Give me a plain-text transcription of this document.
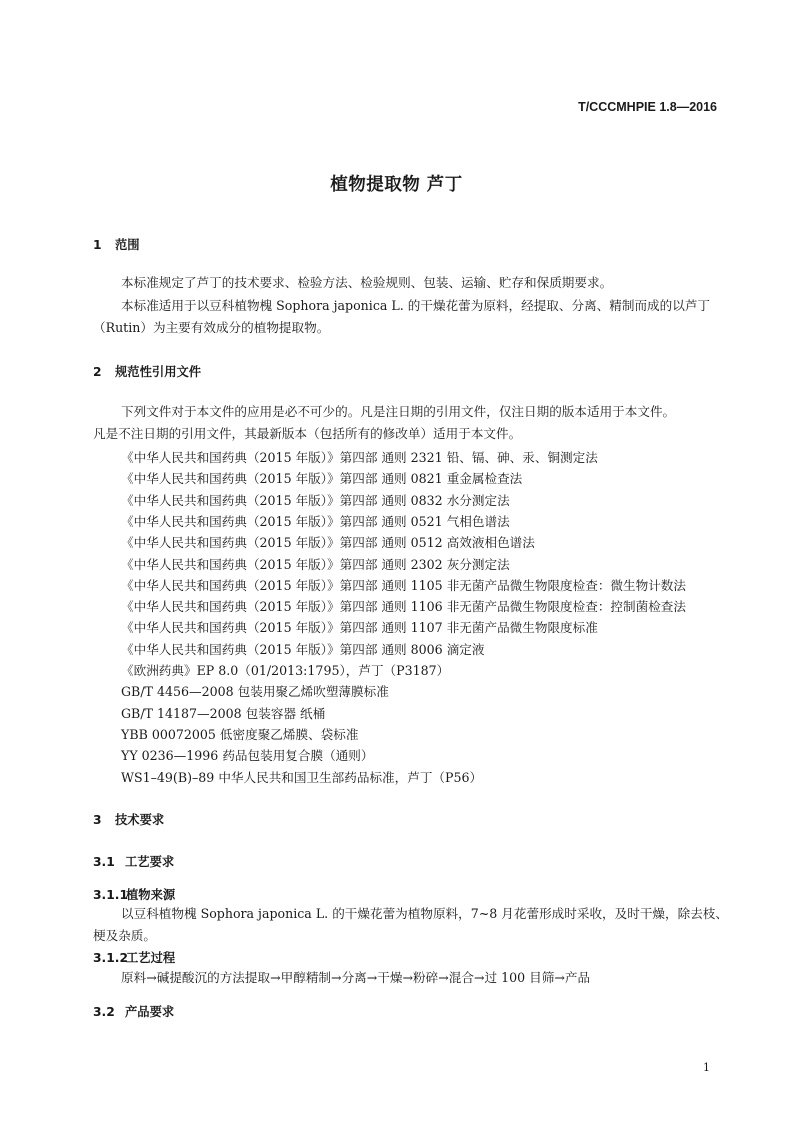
T/CCCMHPIE 1.8—2016
植物提取物 芦丁
1 范围
本标准规定了芦丁的技术要求、检验方法、检验规则、包装、运输、贮存和保质期要求。
本标准适用于以豆科植物槐 Sophora japonica L. 的干燥花蕾为原料，经提取、分离、精制而成的以芦丁
（Rutin）为主要有效成分的植物提取物。
2 规范性引用文件
下列文件对于本文件的应用是必不可少的。凡是注日期的引用文件，仅注日期的版本适用于本文件。
凡是不注日期的引用文件，其最新版本（包括所有的修改单）适用于本文件。
《中华人民共和国药典（2015 年版）》第四部 通则 2321 铅、镉、砷、汞、铜测定法
《中华人民共和国药典（2015 年版）》第四部 通则 0821 重金属检查法
《中华人民共和国药典（2015 年版）》第四部 通则 0832 水分测定法
《中华人民共和国药典（2015 年版）》第四部 通则 0521 气相色谱法
《中华人民共和国药典（2015 年版）》第四部 通则 0512 高效液相色谱法
《中华人民共和国药典（2015 年版）》第四部 通则 2302 灰分测定法
《中华人民共和国药典（2015 年版）》第四部 通则 1105 非无菌产品微生物限度检查：微生物计数法
《中华人民共和国药典（2015 年版）》第四部 通则 1106 非无菌产品微生物限度检查：控制菌检查法
《中华人民共和国药典（2015 年版）》第四部 通则 1107 非无菌产品微生物限度标准
《中华人民共和国药典（2015 年版）》第四部 通则 8006 滴定液
《欧洲药典》EP 8.0（01/2013:1795），芦丁（P3187）
GB/T 4456—2008 包装用聚乙烯吹塑薄膜标准
GB/T 14187—2008 包装容器 纸桶
YBB 00072005 低密度聚乙烯膜、袋标准
YY 0236—1996 药品包装用复合膜（通则）
WS1–49(B)–89 中华人民共和国卫生部药品标准，芦丁（P56）
3 技术要求
3.1 工艺要求
3.1.1植物来源
以豆科植物槐 Sophora japonica L. 的干燥花蕾为植物原料，7~8 月花蕾形成时采收，及时干燥，除去枝、
梗及杂质。
3.1.2工艺过程
原料→碱提酸沉的方法提取→甲醇精制→分离→干燥→粉碎→混合→过 100 目筛→产品
3.2 产品要求
1
